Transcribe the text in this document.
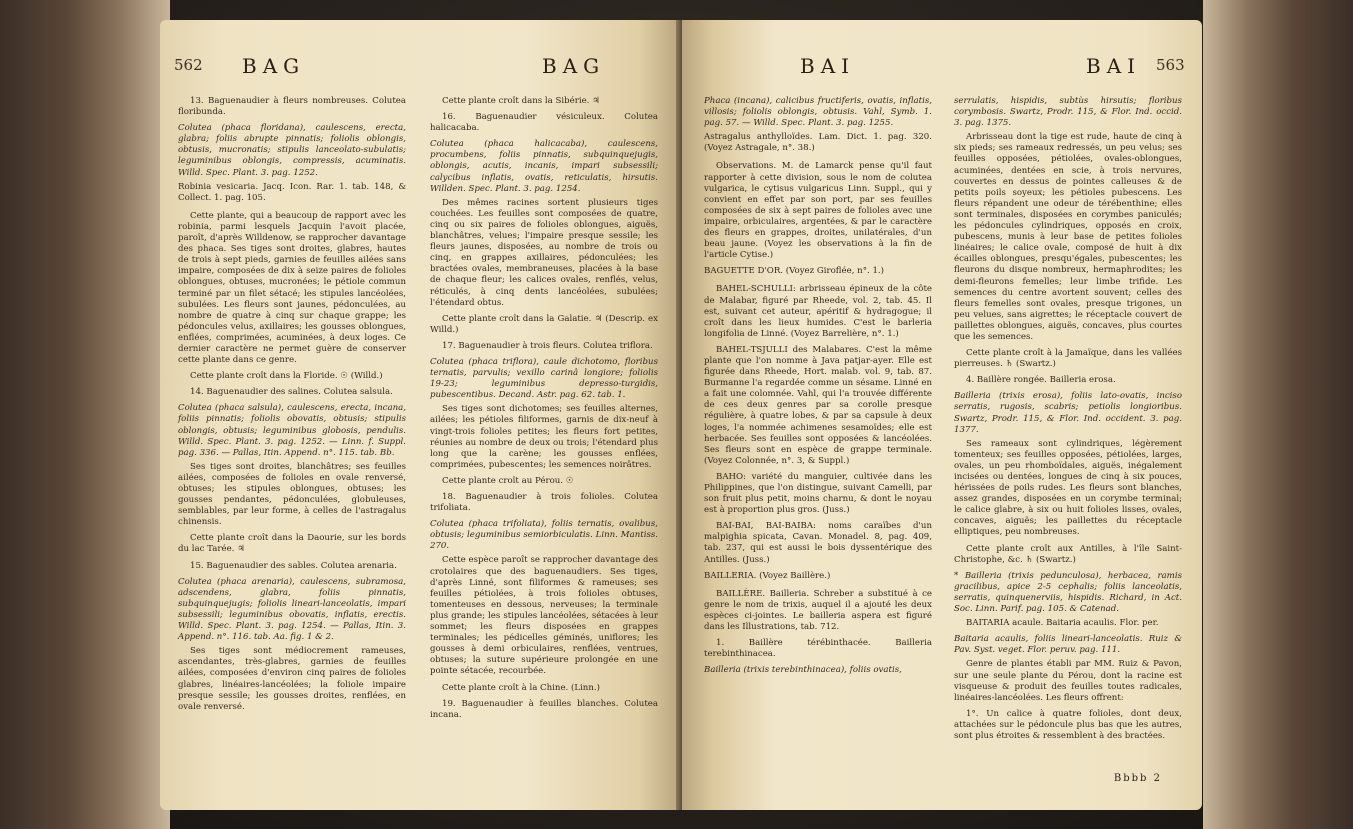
562 BAG	BAG

13. Baguenaudier à fleurs nombreuses. Colutea floribunda.

Colutea (phaca floridana), caulescens, erecta, glabra; foliis abrupte pinnatis; foliolis oblongis, obtusis, mucronatis; stipulis lanceolato-subulatis; leguminibus oblongis, compressis, acuminatis. Willd. Spec. Plant. 3. pag. 1252.

Robinia vesicaria. Jacq. Icon. Rar. 1. tab. 148, & Collect. 1. pag. 105.

Cette plante, qui a beaucoup de rapport avec les robinia, parmi lesquels Jacquin l'avoit placée, paroît, d'après Willdenow, se rapprocher davantage des phaca. Ses tiges sont droites, glabres, hautes de trois à sept pieds, garnies de feuilles ailées sans impaire, composées de dix à seize paires de folioles oblongues, obtuses, mucronées; le pétiole commun terminé par un filet sétacé; les stipules lancéolées, subulées. Les fleurs sont jaunes, pédonculées, au nombre de quatre à cinq sur chaque grappe; les pédoncules velus, axillaires; les gousses oblongues, enflées, comprimées, acuminées, à deux loges. Ce dernier caractère ne permet guère de conserver cette plante dans ce genre.

Cette plante croît dans la Floride. ☉ (Willd.)

14. Baguenaudier des salines. Colutea salsula.

Colutea (phaca salsula), caulescens, erecta, incana, foliis pinnatis; foliolis obovatis, obtusis; stipulis oblongis, obtusis; leguminibus globosis, pendulis. Willd. Spec. Plant. 3. pag. 1252. — Linn. f. Suppl. pag. 336. — Pallas, Itin. Append. n°. 115. tab. Bb.

Ses tiges sont droites, blanchâtres; ses feuilles ailées, composées de folioles en ovale renversé, obtuses; les stipules oblongues, obtuses; les gousses pendantes, pédonculées, globuleuses, semblables, par leur forme, à celles de l'astragalus chinensis.

Cette plante croît dans la Daourie, sur les bords du lac Tarée. ♃

15. Baguenaudier des sables. Colutea arenaria.

Colutea (phaca arenaria), caulescens, subramosa, adscendens, glabra, foliis pinnatis, subquinquejugis; foliolis lineari-lanceolatis, impari subsessili; leguminibus obovatis, inflatis, erectis. Willd. Spec. Plant. 3. pag. 1254. — Pallas, Itin. 3. Append. n°. 116. tab. Aa. fig. 1 & 2.

Ses tiges sont médiocrement rameuses, ascendantes, très-glabres, garnies de feuilles ailées, composées d'environ cinq paires de folioles glabres, linéaires-lancéolées; la foliole impaire presque sessile; les gousses droites, renflées, en ovale renversé.

Cette plante croît dans la Sibérie. ♃

16. Baguenaudier vésiculeux. Colutea halicacaba.

Colutea (phaca halicacaba), caulescens, procumbens, foliis pinnatis, subquinquejugis, oblongis, acutis, incanis, impari subsessili; calycibus inflatis, ovatis, reticulatis, hirsutis. Willden. Spec. Plant. 3. pag. 1254.

Des mêmes racines sortent plusieurs tiges couchées. Les feuilles sont composées de quatre, cinq ou six paires de folioles oblongues, aiguës, blanchâtres, velues; l'impaire presque sessile; les fleurs jaunes, disposées, au nombre de trois ou cinq, en grappes axillaires, pédonculées; les bractées ovales, membraneuses, placées à la base de chaque fleur; les calices ovales, renflés, velus, réticulés, à cinq dents lancéolées, subulées; l'étendard obtus.

Cette plante croît dans la Galatie. ♃ (Descrip. ex Willd.)

17. Baguenaudier à trois fleurs. Colutea triflora.

Colutea (phaca triflora), caule dichotomo, floribus ternatis, parvulis; vexillo carinâ longiore; foliolis 19-23; leguminibus depresso-turgidis, pubescentibus. Decand. Astr. pag. 62. tab. 1.

Ses tiges sont dichotomes; ses feuilles alternes, ailées; les pétioles filiformes, garnis de dix-neuf à vingt-trois folioles petites; les fleurs fort petites, réunies au nombre de deux ou trois; l'étendard plus long que la carène; les gousses enflées, comprimées, pubescentes; les semences noirâtres.

Cette plante croît au Pérou. ☉

18. Baguenaudier à trois folioles. Colutea trifoliata.

Colutea (phaca trifoliata), foliis ternatis, ovalibus, obtusis; leguminibus semiorbiculatis. Linn. Mantiss. 270.

Cette espèce paroît se rapprocher davantage des crotolaires que des baguenaudiers. Ses tiges, d'après Linné, sont filiformes & rameuses; ses feuilles pétiolées, à trois folioles obtuses, tomenteuses en dessous, nerveuses; la terminale plus grande; les stipules lancéolées, sétacées à leur sommet; les fleurs disposées en grappes terminales; les pédicelles géminés, uniflores; les gousses à demi orbiculaires, renflées, ventrues, obtuses; la suture supérieure prolongée en une pointe sétacée, recourbée.

Cette plante croît à la Chine. (Linn.)

19. Baguenaudier à feuilles blanches. Colutea incana.

BAI	BAI 563

Phaca (incana), calicibus fructiferis, ovatis, inflatis, villosis; foliolis oblongis, obtusis. Vahl, Symb. 1. pag. 57. — Willd. Spec. Plant. 3. pag. 1255.

Astragalus anthylloïdes. Lam. Dict. 1. pag. 320. (Voyez Astragale, n°. 38.)

Observations. M. de Lamarck pense qu'il faut rapporter à cette division, sous le nom de colutea vulgarica, le cytisus vulgaricus Linn. Suppl., qui y convient en effet par son port, par ses feuilles composées de six à sept paires de folioles avec une impaire, orbiculaires, argentées, & par le caractère des fleurs en grappes, droites, unilatérales, d'un beau jaune. (Voyez les observations à la fin de l'article Cytise.)

BAGUETTE D'OR. (Voyez Giroflée, n°. 1.)

BAHEL-SCHULLI: arbrisseau épineux de la côte de Malabar, figuré par Rheede, vol. 2, tab. 45. Il est, suivant cet auteur, apéritif & hydragogue; il croît dans les lieux humides. C'est le barleria longifolia de Linné. (Voyez Barrelière, n°. 1.)

BAHEL-TSJULLI des Malabares. C'est la même plante que l'on nomme à Java patjar-ayer. Elle est figurée dans Rheede, Hort. malab. vol. 9, tab. 87. Burmanne l'a regardée comme un sésame. Linné en a fait une colomnée. Vahl, qui l'a trouvée différente de ces deux genres par sa corolle presque régulière, à quatre lobes, & par sa capsule à deux loges, l'a nommée achimenes sesamoïdes; elle est herbacée. Ses feuilles sont opposées & lancéolées. Ses fleurs sont en espèce de grappe terminale. (Voyez Colonnée, n°. 3, & Suppl.)

BAHO: variété du manguier, cultivée dans les Philippines, que l'on distingue, suivant Camelli, par son fruit plus petit, moins charnu, & dont le noyau est à proportion plus gros. (Juss.)

BAI-BAI, BAI-BAIBA: noms caraïbes d'un malpighia spicata, Cavan. Monadel. 8, pag. 409, tab. 237, qui est aussi le bois dyssentérique des Antilles. (Juss.)

BAILLERIA. (Voyez Baillère.)

BAILLÈRE. Bailleria. Schreber a substitué à ce genre le nom de trixis, auquel il a ajouté les deux espèces ci-jointes. Le bailleria aspera est figuré dans les Illustrations, tab. 712.

1. Baillère térébinthacée. Bailleria terebinthinacea.

Bailleria (trixis terebinthinacea), foliis ovatis,

serrulatis, hispidis, subtùs hirsutis; floribus corymbosis. Swartz, Prodr. 115, & Flor. Ind. occid. 3. pag. 1375.

Arbrisseau dont la tige est rude, haute de cinq à six pieds; ses rameaux redressés, un peu velus; ses feuilles opposées, pétiolées, ovales-oblongues, acuminées, dentées en scie, à trois nervures, couvertes en dessus de pointes calleuses & de petits poils soyeux; les pétioles pubescens. Les fleurs répandent une odeur de térébenthine; elles sont terminales, disposées en corymbes paniculés; les pédoncules cylindriques, opposés en croix, pubescens, munis à leur base de petites folioles linéaires; le calice ovale, composé de huit à dix écailles oblongues, presqu'égales, pubescentes; les fleurons du disque nombreux, hermaphrodites; les demi-fleurons femelles; leur limbe trifide. Les semences du centre avortent souvent; celles des fleurs femelles sont ovales, presque trigones, un peu velues, sans aigrettes; le réceptacle couvert de paillettes oblongues, aiguës, concaves, plus courtes que les semences.

Cette plante croît à la Jamaïque, dans les vallées pierreuses. ♄ (Swartz.)

4. Baillère rongée. Bailleria erosa.

Bailleria (trixis erosa), foliis lato-ovatis, inciso serratis, rugosis, scabris; petiolis longioribus. Swartz, Prodr. 115, & Flor. Ind. occident. 3. pag. 1377.

Ses rameaux sont cylindriques, légèrement tomenteux; ses feuilles opposées, pétiolées, larges, ovales, un peu rhomboïdales, aiguës, inégalement incisées ou dentées, longues de cinq à six pouces, hérissées de poils rudes. Les fleurs sont blanches, assez grandes, disposées en un corymbe terminal; le calice glabre, à six ou huit folioles lisses, ovales, concaves, aiguës; les paillettes du réceptacle elliptiques, peu nombreuses.

Cette plante croît aux Antilles, à l'île Saint-Christophe, &c. ♄ (Swartz.)

* Bailleria (trixis pedunculosa), herbacea, ramis gracilibus, apice 2-5 cephalis; foliis lanceolatis, serratis, quinquenerviis, hispidis. Richard, in Act. Soc. Linn. Parif. pag. 105. & Catenad.

BAITARIA acaule. Baitaria acaulis. Flor. per.

Baitaria acaulis, foliis lineari-lanceolatis. Ruiz & Pav. Syst. veget. Flor. peruv. pag. 111.

Genre de plantes établi par MM. Ruiz & Pavon, sur une seule plante du Pérou, dont la racine est visqueuse & produit des feuilles toutes radicales, linéaires-lancéolées. Les fleurs offrent:

1°. Un calice à quatre folioles, dont deux, attachées sur le pédoncule plus bas que les autres, sont plus étroites & ressemblent à des bractées.

Bbbb 2
